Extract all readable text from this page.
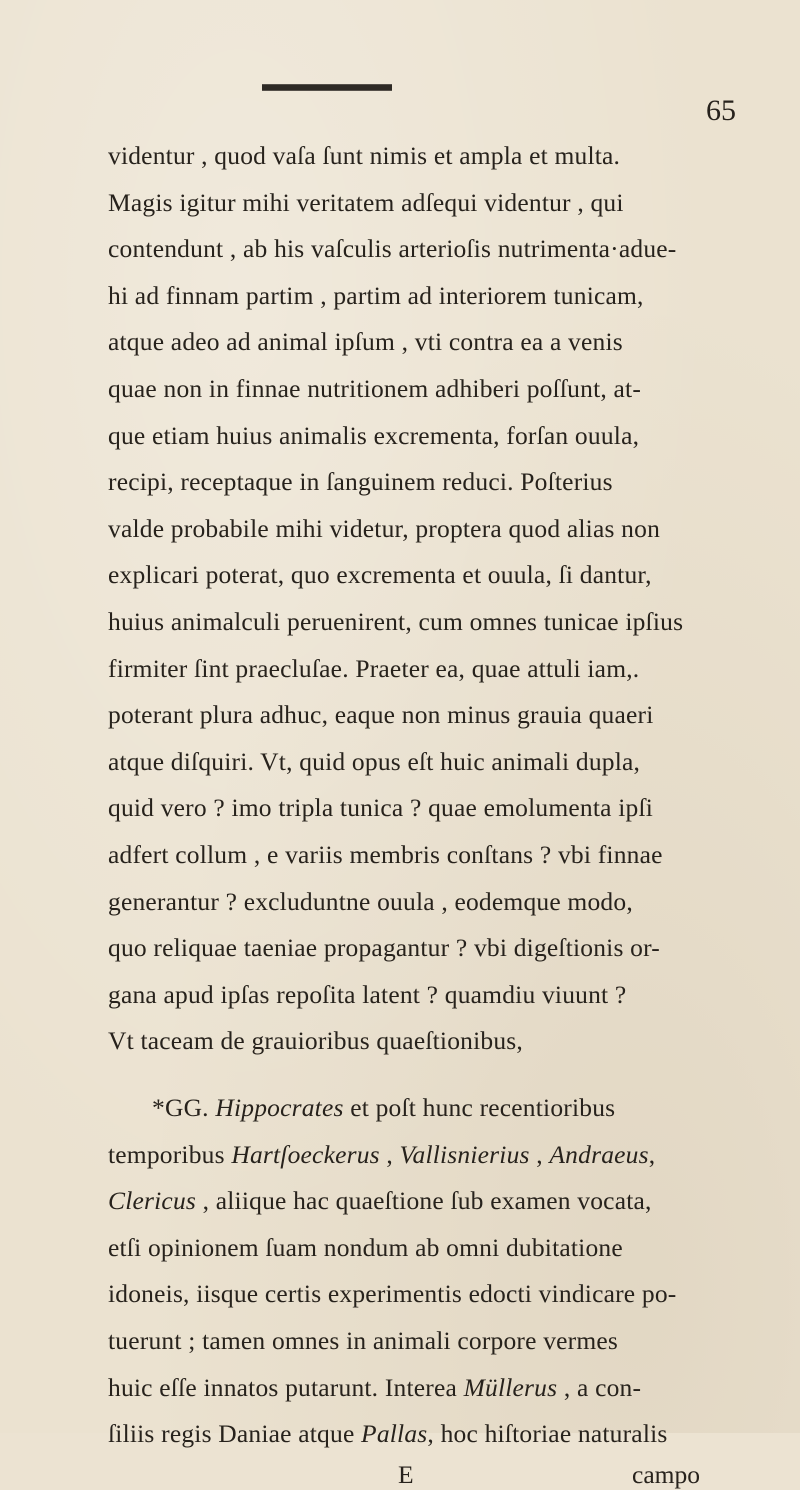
65
videntur , quod vaſa ſunt nimis et ampla et multa.
Magis igitur mihi veritatem adſequi videntur , qui
contendunt , ab his vaſculis arterioſis nutrimenta·adue-
hi ad finnam partim , partim ad interiorem tunicam,
atque adeo ad animal ipſum , vti contra ea a venis
quae non in finnae nutritionem adhiberi poſſunt, at-
que etiam huius animalis excrementa, forſan ouula,
recipi, receptaque in ſanguinem reduci. Poſterius
valde probabile mihi videtur, proptera quod alias non
explicari poterat, quo excrementa et ouula, ſi dantur,
huius animalculi peruenirent, cum omnes tunicae ipſius
firmiter ſint praecluſae. Praeter ea, quae attuli iam,.
poterant plura adhuc, eaque non minus grauia quaeri
atque diſquiri. Vt, quid opus eſt huic animali dupla,
quid vero ? imo tripla tunica ? quae emolumenta ipſi
adfert collum , e variis membris conſtans ? vbi finnae
generantur ? excluduntne ouula , eodemque modo,
quo reliquae taeniae propagantur ? vbi digeſtionis or-
gana apud ipſas repoſita latent ? quamdiu viuunt ?
Vt taceam de grauioribus quaeſtionibus,
*GG. Hippocrates et poſt hunc recentioribus
temporibus Hartſoeckerus , Vallisnierius , Andraeus,
Clericus , aliique hac quaeſtione ſub examen vocata,
etſi opinionem ſuam nondum ab omni dubitatione
idoneis, iisque certis experimentis edocti vindicare po-
tuerunt ; tamen omnes in animali corpore vermes
huic eſſe innatos putarunt. Interea Müllerus , a con-
ſiliis regis Daniae atque Pallas, hoc hiſtoriae naturalis
E	campo
